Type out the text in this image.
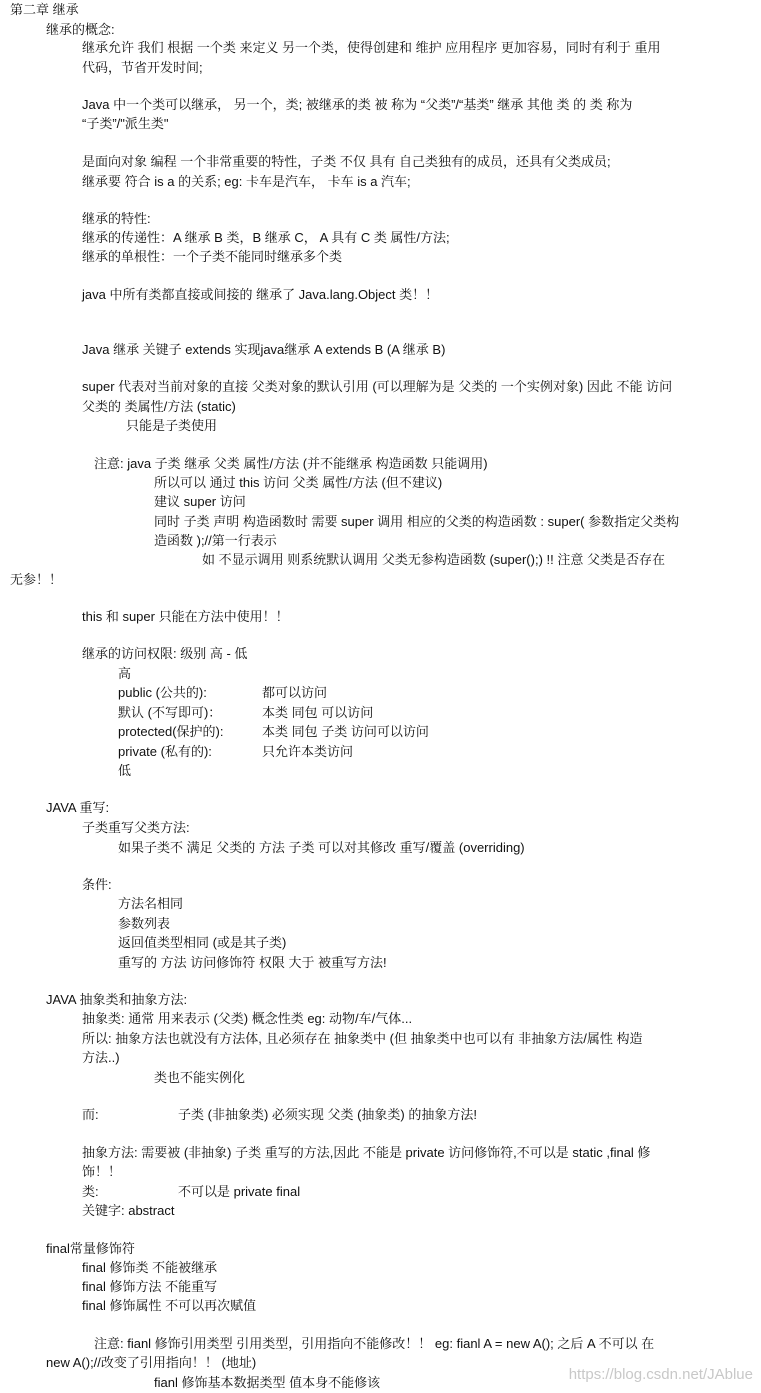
第二章 继承
继承的概念:
继承允许 我们 根据 一个类 来定义 另一个类，使得创建和 维护 应用程序 更加容易，同时有利于 重用
代码，节省开发时间;
Java 中一个类可以继承， 另一个，类; 被继承的类 被 称为 “父类”/“基类” 继承 其他 类 的 类 称为
“子类”/"派生类"
是面向对象 编程 一个非常重要的特性，子类 不仅 具有 自己类独有的成员，还具有父类成员;
继承要 符合 is a 的关系; eg: 卡车是汽车， 卡车 is a 汽车;
继承的特性:
继承的传递性：A 继承 B 类，B 继承 C， A 具有 C 类 属性/方法;
继承的单根性：一个子类不能同时继承多个类
java 中所有类都直接或间接的 继承了 Java.lang.Object 类！！
Java 继承 关键子 extends 实现java继承 A extends B (A 继承 B)
super 代表对当前对象的直接 父类对象的默认引用 (可以理解为是 父类的 一个实例对象) 因此 不能 访问
父类的 类属性/方法 (static)
只能是子类使用
注意: java 子类 继承 父类 属性/方法 (并不能继承 构造函数 只能调用)
所以可以 通过 this 访问 父类 属性/方法 (但不建议)
建议 super 访问
同时 子类 声明 构造函数时 需要 super 调用 相应的父类的构造函数 : super( 参数指定父类构
造函数 );//第一行表示
如 不显示调用 则系统默认调用 父类无参构造函数 (super();) !! 注意 父类是否存在
无参！！
this 和 super 只能在方法中使用！！
继承的访问权限: 级别 高 - 低
高
public (公共的):	都可以访问
默认 (不写即可)：	本类 同包 可以访问
protected(保护的):	本类 同包 子类 访问可以访问
private (私有的):	只允许本类访问
低
JAVA 重写:
子类重写父类方法:
如果子类不 满足 父类的 方法 子类 可以对其修改 重写/覆盖 (overriding)
条件:
方法名相同
参数列表
返回值类型相同 (或是其子类)
重写的 方法 访问修饰符 权限 大于 被重写方法!
JAVA 抽象类和抽象方法:
抽象类: 通常 用来表示 (父类) 概念性类 eg: 动物/车/气体...
所以: 抽象方法也就没有方法体, 且必须存在 抽象类中 (但 抽象类中也可以有 非抽象方法/属性 构造
方法..)
类也不能实例化
而:	子类 (非抽象类) 必须实现 父类 (抽象类) 的抽象方法!
抽象方法: 需要被 (非抽象) 子类 重写的方法,因此 不能是 private 访问修饰符,不可以是 static ,final 修
饰！！
类:	不可以是 private final
关键字: abstract
final常量修饰符
final 修饰类 不能被继承
final 修饰方法 不能重写
final 修饰属性 不可以再次赋值
注意: fianl 修饰引用类型 引用类型，引用指向不能修改！！ eg: fianl A = new A(); 之后 A 不可以 在
new A();//改变了引用指向！！ (地址)
fianl 修饰基本数据类型 值本身不能修该	https://blog.csdn.net/JAblue
